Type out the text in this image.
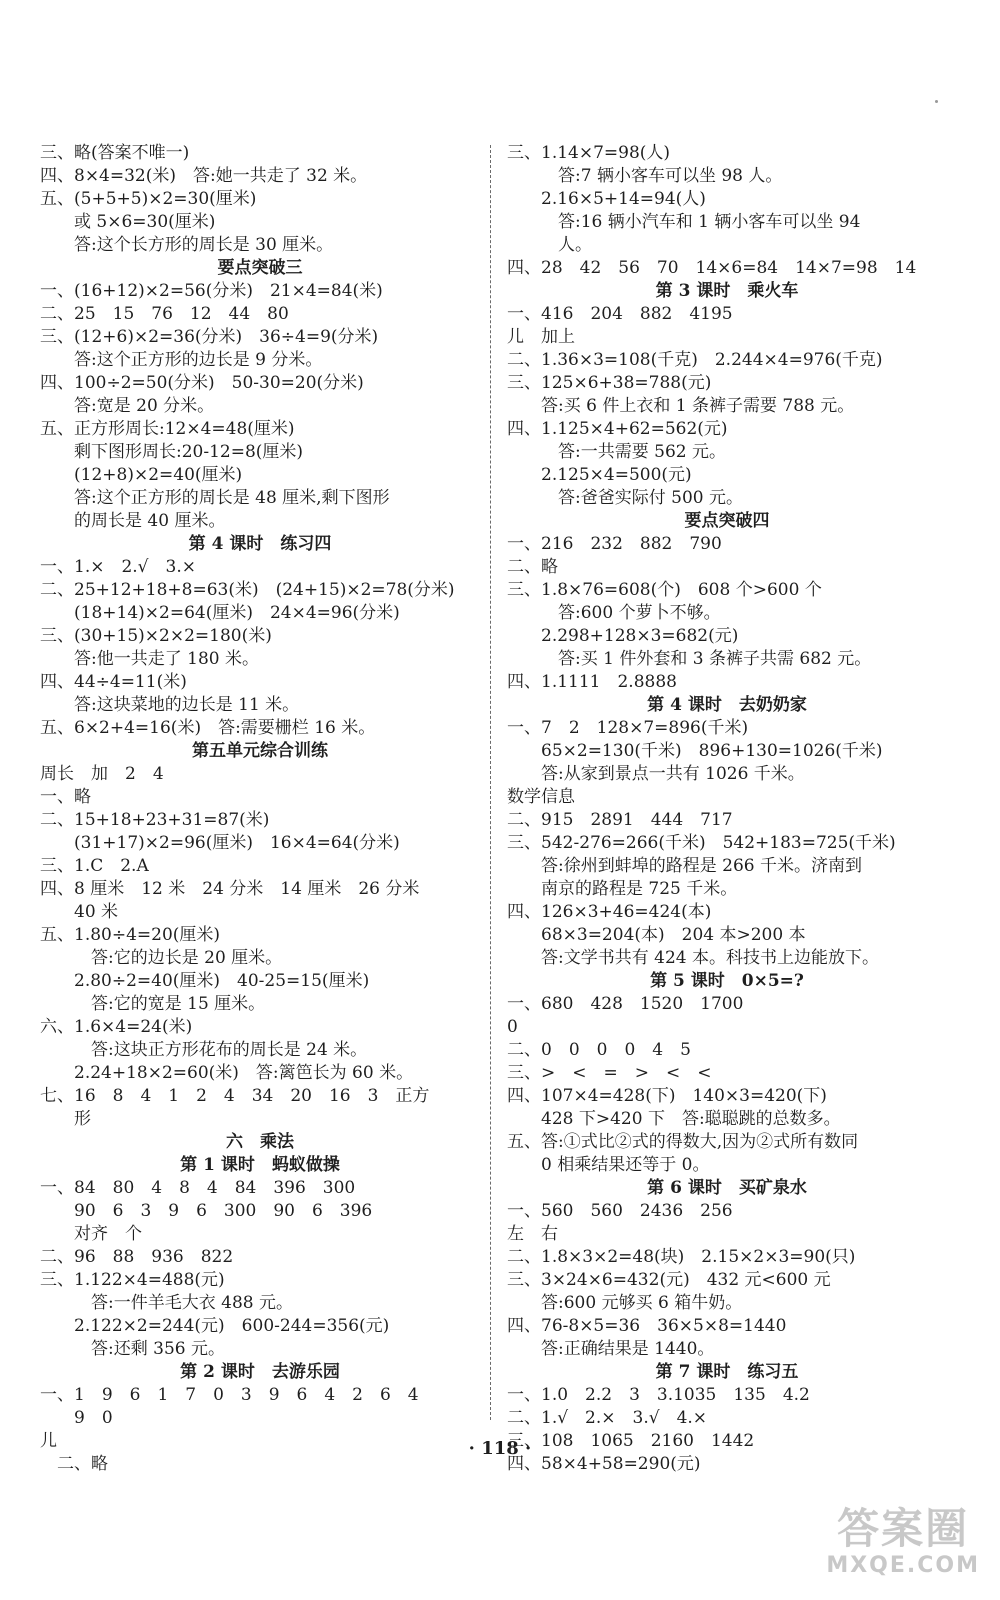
三、略(答案不唯一)
四、8×4=32(米)　答:她一共走了 32 米。
五、(5+5+5)×2=30(厘米)
　　或 5×6=30(厘米)
　　答:这个长方形的周长是 30 厘米。
要点突破三
一、(16+12)×2=56(分米)　21×4=84(米)
二、25　15　76　12　44　80
三、(12+6)×2=36(分米)　36÷4=9(分米)
　　答:这个正方形的边长是 9 分米。
四、100÷2=50(分米)　50-30=20(分米)
　　答:宽是 20 分米。
五、正方形周长:12×4=48(厘米)
　　剩下图形周长:20-12=8(厘米)
　　(12+8)×2=40(厘米)
　　答:这个正方形的周长是 48 厘米,剩下图形
　　的周长是 40 厘米。
第 4 课时　练习四
一、1.×　2.√　3.×
二、25+12+18+8=63(米)　(24+15)×2=78(分米)
　　(18+14)×2=64(厘米)　24×4=96(分米)
三、(30+15)×2×2=180(米)
　　答:他一共走了 180 米。
四、44÷4=11(米)
　　答:这块菜地的边长是 11 米。
五、6×2+4=16(米)　答:需要栅栏 16 米。
第五单元综合训练
周长　加　2　4
一、略
二、15+18+23+31=87(米)
　　(31+17)×2=96(厘米)　16×4=64(分米)
三、1.C　2.A
四、8 厘米　12 米　24 分米　14 厘米　26 分米
　　40 米
五、1.80÷4=20(厘米)
　　　答:它的边长是 20 厘米。
　　2.80÷2=40(厘米)　40-25=15(厘米)
　　　答:它的宽是 15 厘米。
六、1.6×4=24(米)
　　　答:这块正方形花布的周长是 24 米。
　　2.24+18×2=60(米)　答:篱笆长为 60 米。
七、16　8　4　1　2　4　34　20　16　3　正方
　　形
六　乘法
第 1 课时　蚂蚁做操
一、84　80　4　8　4　84　396　300
　　90　6　3　9　6　300　90　6　396
　　对齐　个
二、96　88　936　822
三、1.122×4=488(元)
　　　答:一件羊毛大衣 488 元。
　　2.122×2=244(元)　600-244=356(元)
　　　答:还剩 356 元。
第 2 课时　去游乐园
一、1　9　6　1　7　0　3　9　6　4　2　6　4
　　9　0
儿
　二、略
三、1.14×7=98(人)
　　　答:7 辆小客车可以坐 98 人。
　　2.16×5+14=94(人)
　　　答:16 辆小汽车和 1 辆小客车可以坐 94
　　　人。
四、28　42　56　70　14×6=84　14×7=98　14
第 3 课时　乘火车
一、416　204　882　4195
儿　加上
二、1.36×3=108(千克)　2.244×4=976(千克)
三、125×6+38=788(元)
　　答:买 6 件上衣和 1 条裤子需要 788 元。
四、1.125×4+62=562(元)
　　　答:一共需要 562 元。
　　2.125×4=500(元)
　　　答:爸爸实际付 500 元。
要点突破四
一、216　232　882　790
二、略
三、1.8×76=608(个)　608 个>600 个
　　　答:600 个萝卜不够。
　　2.298+128×3=682(元)
　　　答:买 1 件外套和 3 条裤子共需 682 元。
四、1.1111　2.8888
第 4 课时　去奶奶家
一、7　2　128×7=896(千米)
　　65×2=130(千米)　896+130=1026(千米)
　　答:从家到景点一共有 1026 千米。
数学信息
二、915　2891　444　717
三、542-276=266(千米)　542+183=725(千米)
　　答:徐州到蚌埠的路程是 266 千米。济南到
　　南京的路程是 725 千米。
四、126×3+46=424(本)
　　68×3=204(本)　204 本>200 本
　　答:文学书共有 424 本。科技书上边能放下。
第 5 课时　0×5=?
一、680　428　1520　1700
0
二、0　0　0　0　4　5
三、>　<　=　>　<　<
四、107×4=428(下)　140×3=420(下)
　　428 下>420 下　答:聪聪跳的总数多。
五、答:①式比②式的得数大,因为②式所有数同
　　0 相乘结果还等于 0。
第 6 课时　买矿泉水
一、560　560　2436　256
左　右
二、1.8×3×2=48(块)　2.15×2×3=90(只)
三、3×24×6=432(元)　432 元<600 元
　　答:600 元够买 6 箱牛奶。
四、76-8×5=36　36×5×8=1440
　　答:正确结果是 1440。
第 7 课时　练习五
一、1.0　2.2　3　3.1035　135　4.2
二、1.√　2.×　3.√　4.×
三、108　1065　2160　1442
四、58×4+58=290(元)
· 118 ·
答案圈
MXQE.COM
